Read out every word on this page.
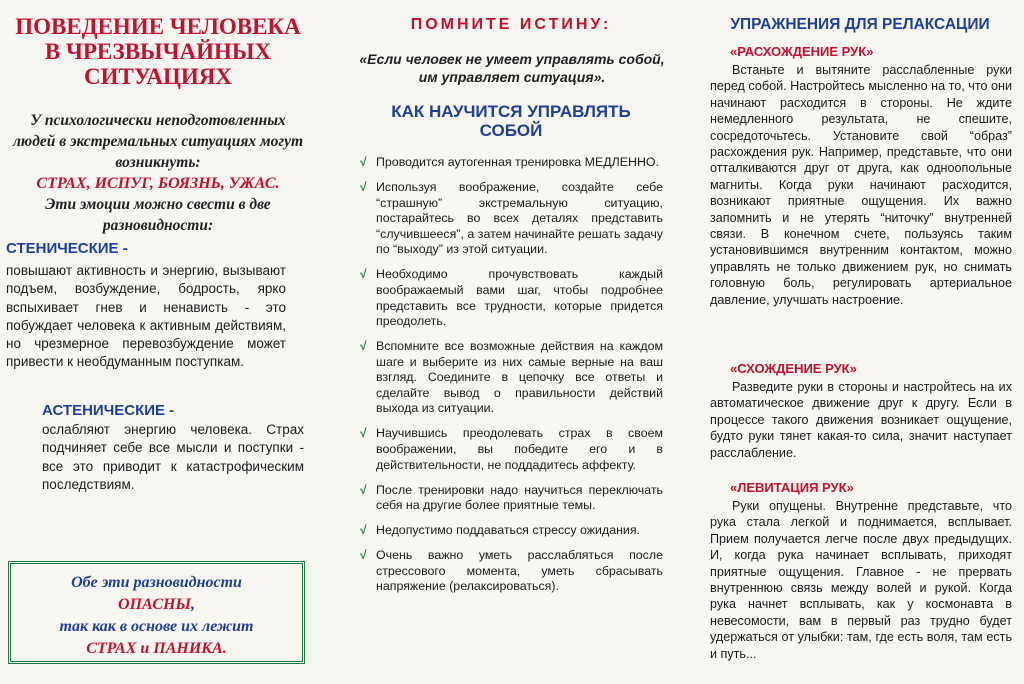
ПОВЕДЕНИЕ ЧЕЛОВЕКА В ЧРЕЗВЫЧАЙНЫХ СИТУАЦИЯХ
У психологически неподготовленных людей в экстремальных ситуациях могут возникнуть:
СТРАХ, ИСПУГ, БОЯЗНЬ, УЖАС.
Эти эмоции можно свести в две разновидности:
СТЕНИЧЕСКИЕ -

повышают активность и энергию, вызывают подъем, возбуждение, бодрость, ярко вспыхивает гнев и ненависть - это побуждает человека к активным действиям, но чрезмерное перевозбуждение может привести к необдуманным поступкам.

АСТЕНИЧЕСКИЕ -

ослабляют энергию человека. Страх подчиняет себе все мысли и поступки - все это приводит к катастрофическим последствиям.

Обе эти разновидности
ОПАСНЫ,
так как в основе их лежит
СТРАХ и ПАНИКА.
ПОМНИТЕ ИСТИНУ:
«Если человек не умеет управлять собой, им управляет ситуация».
КАК НАУЧИТСЯ УПРАВЛЯТЬ СОБОЙ
√ Проводится аутогенная тренировка МЕДЛЕННО.
√ Используя воображение, создайте себе “страшную” экстремальную ситуацию, постарайтесь во всех деталях представить “случившееся”, а затем начинайте решать задачу по “выходу” из этой ситуации.
√ Необходимо прочувствовать каждый воображаемый вами шаг, чтобы подробнее представить все трудности, которые придется преодолеть.
√ Вспомните все возможные действия на каждом шаге и выберите из них самые верные на ваш взгляд. Соедините в цепочку все ответы и сделайте вывод о правильности действий выхода из ситуации.
√ Научившись преодолевать страх в своем воображении, вы победите его и в действительности, не поддадитесь аффекту.
√ После тренировки надо научиться переключать себя на другие более приятные темы.
√ Недопустимо поддаваться стрессу ожидания.
√ Очень важно уметь расслабляться после стрессового момента, уметь сбрасывать напряжение (релаксироваться).
УПРАЖНЕНИЯ ДЛЯ РЕЛАКСАЦИИ
«РАСХОЖДЕНИЕ РУК»

Встаньте и вытяните расслабленные руки перед собой. Настройтесь мысленно на то, что они начинают расходится в стороны. Не ждите немедленного результата, не спешите, сосредоточьтесь. Установите свой “образ” расхождения рук. Например, представьте, что они отталкиваются друг от друга, как одноопольные магниты. Когда руки начинают расходится, возникают приятные ощущения. Их важно запомнить и не утерять “ниточку” внутренней связи. В конечном счете, пользуясь таким установившимся внутренним контактом, можно управлять не только движением рук, но снимать головную боль, регулировать артериальное давление, улучшать настроение.

«СХОЖДЕНИЕ РУК»

Разведите руки в стороны и настройтесь на их автоматическое движение друг к другу. Если в процессе такого движения возникает ощущение, будто руки тянет какая-то сила, значит наступает расслабление.

«ЛЕВИТАЦИЯ РУК»

Руки опущены. Внутренне представьте, что рука стала легкой и поднимается, всплывает. Прием получается легче после двух предыдущих. И, когда рука начинает всплывать, приходят приятные ощущения. Главное - не прервать внутреннюю связь между волей и рукой. Когда рука начнет всплывать, как у космонавта в невесомости, вам в первый раз трудно будет удержаться от улыбки: там, где есть воля, там есть и путь...
